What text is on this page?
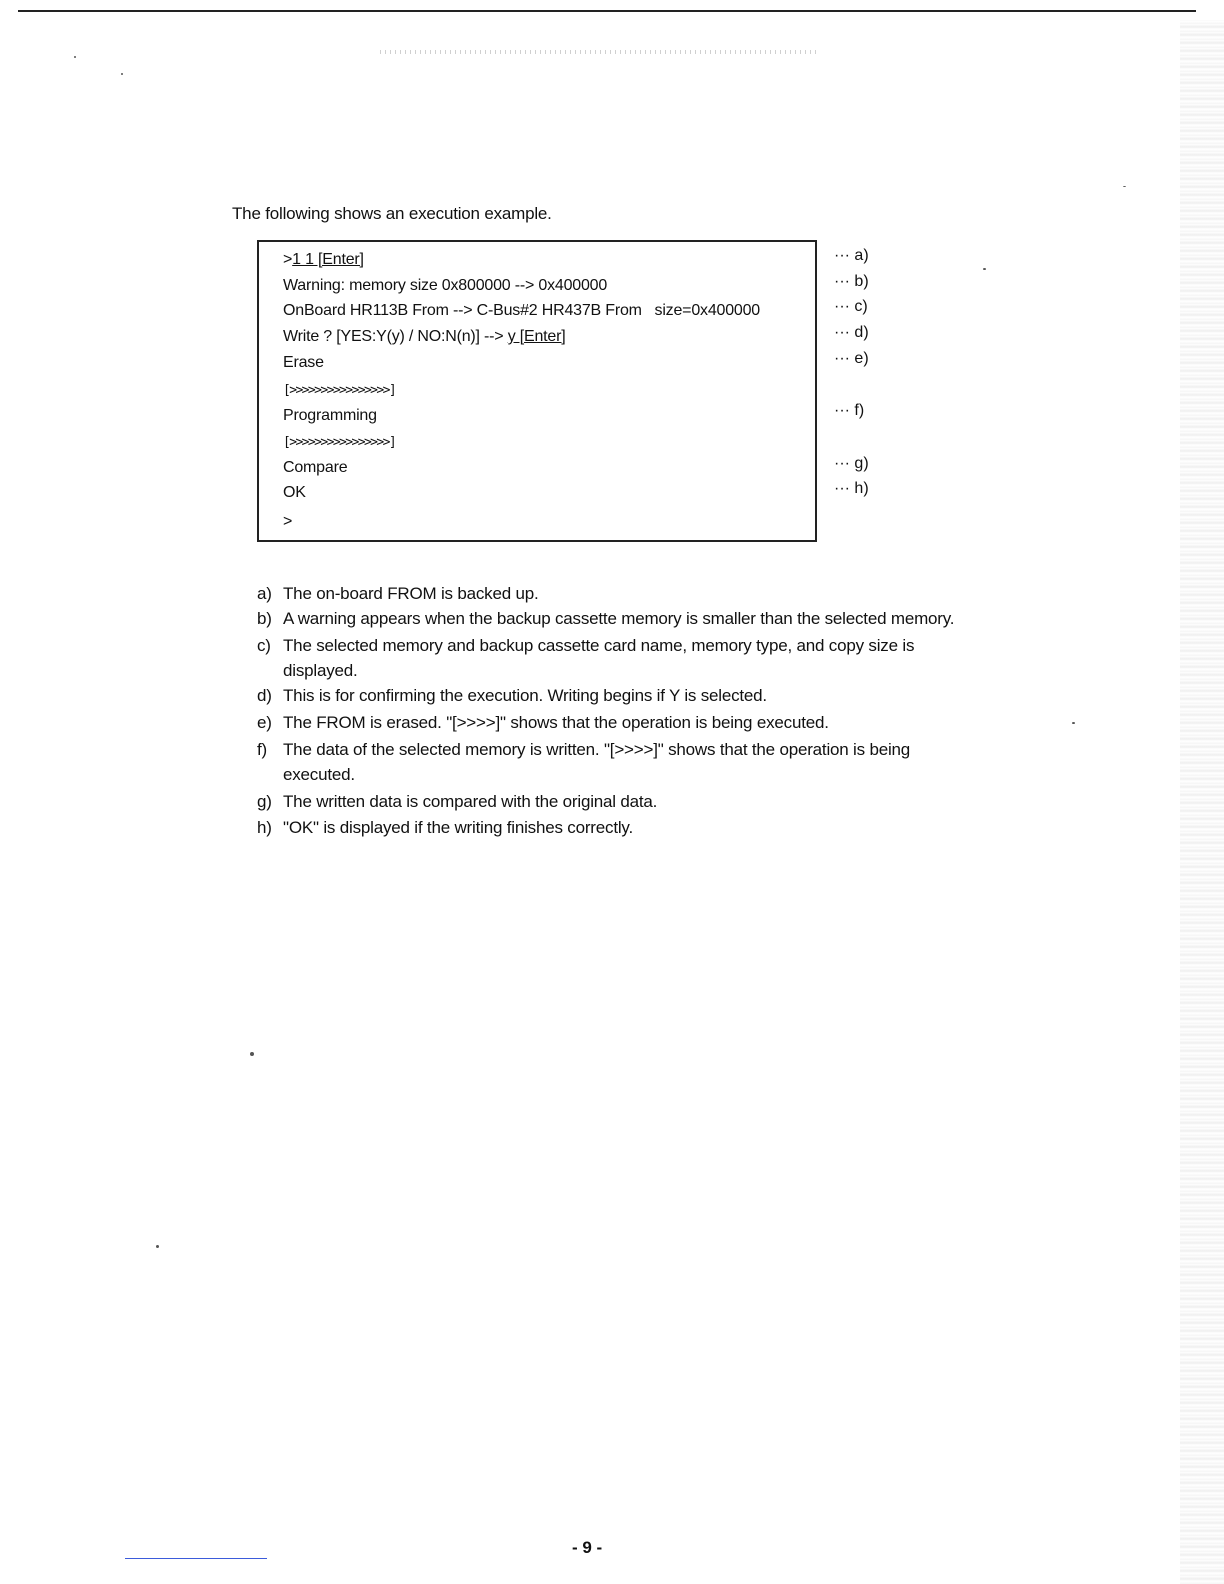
The following shows an execution example.
>1 1 [Enter]
Warning: memory size 0x800000 --> 0x400000
OnBoard HR113B From --> C-Bus#2 HR437B From   size=0x400000
Write ? [YES:Y(y) / NO:N(n)] --> y [Enter]
Erase
[>>>>>>>>>>>>>>>>]
Programming
[>>>>>>>>>>>>>>>>]
Compare
OK
>
··· a)
··· b)
··· c)
··· d)
··· e)
··· f)
··· g)
··· h)
a) The on-board FROM is backed up.
b) A warning appears when the backup cassette memory is smaller than the selected memory.
c) The selected memory and backup cassette card name, memory type, and copy size is displayed.
d) This is for confirming the execution. Writing begins if Y is selected.
e) The FROM is erased. "[>>>>]" shows that the operation is being executed.
f) The data of the selected memory is written. "[>>>>]" shows that the operation is being executed.
g) The written data is compared with the original data.
h) "OK" is displayed if the writing finishes correctly.
- 9 -
